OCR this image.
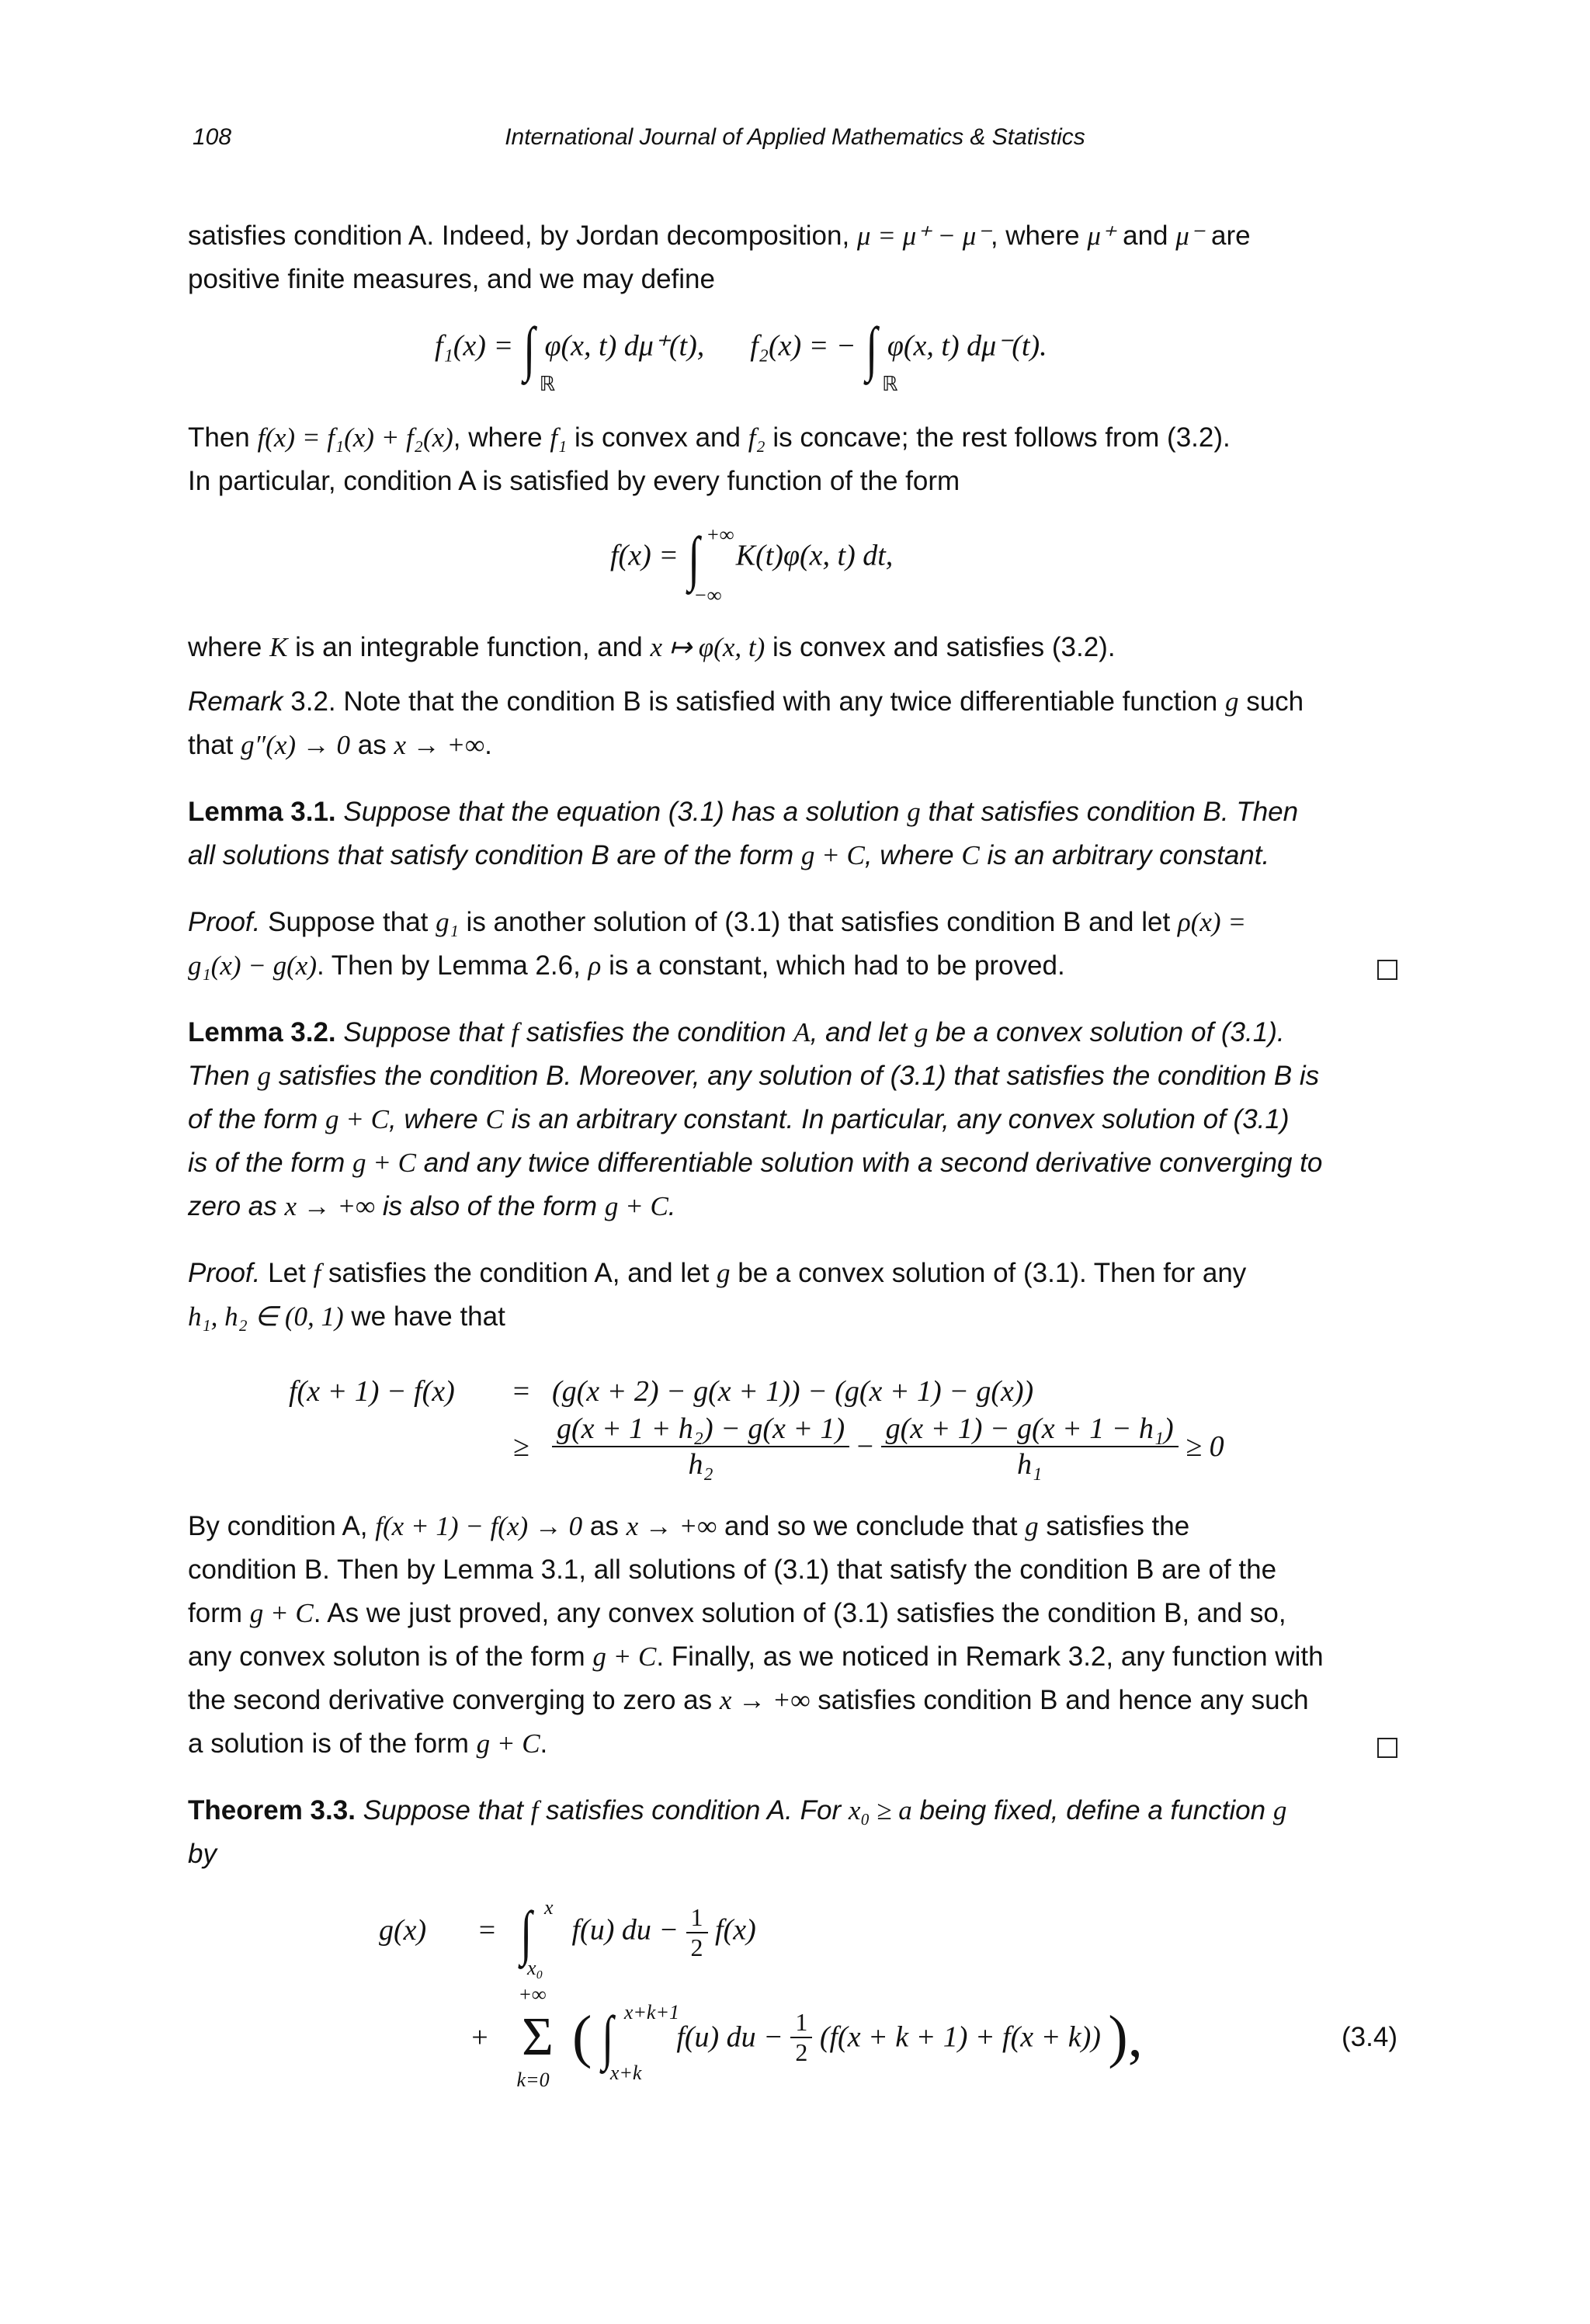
108	International Journal of Applied Mathematics & Statistics
satisfies condition A. Indeed, by Jordan decomposition, μ = μ⁺ − μ⁻, where μ⁺ and μ⁻ are
positive finite measures, and we may define
f₁(x) = ∫
ℝ
φ(x, t) dμ⁺(t), f₂(x) = − ∫
ℝ
φ(x, t) dμ⁻(t).
Then f(x) = f₁(x) + f₂(x), where f₁ is convex and f₂ is concave; the rest follows from (3.2).
In particular, condition A is satisfied by every function of the form
f(x) = ∫ +∞
−∞
K(t)φ(x, t) dt,
where K is an integrable function, and x ↦ φ(x, t) is convex and satisfies (3.2).
Remark 3.2. Note that the condition B is satisfied with any twice differentiable function g such
that g″(x) → 0 as x → +∞.
Lemma 3.1. Suppose that the equation (3.1) has a solution g that satisfies condition B. Then
all solutions that satisfy condition B are of the form g + C, where C is an arbitrary constant.
Proof. Suppose that g₁ is another solution of (3.1) that satisfies condition B and let ρ(x) =
g₁(x) − g(x). Then by Lemma 2.6, ρ is a constant, which had to be proved.
Lemma 3.2. Suppose that f satisfies the condition A, and let g be a convex solution of (3.1).
Then g satisfies the condition B. Moreover, any solution of (3.1) that satisfies the condition B is
of the form g + C, where C is an arbitrary constant. In particular, any convex solution of (3.1)
is of the form g + C and any twice differentiable solution with a second derivative converging to
zero as x → +∞ is also of the form g + C.
Proof. Let f satisfies the condition A, and let g be a convex solution of (3.1). Then for any
h₁, h₂ ∈ (0, 1) we have that
f(x + 1) − f(x) = (g(x + 2) − g(x + 1)) − (g(x + 1) − g(x))
≥ $\frac{\text{g(x + 1 + h₂) − g(x + 1)}}{\text{h₂}} - \frac{\text{g(x + 1) − g(x + 1 − h₁)}}{\text{h₁}} \ge 0$
By condition A, f(x + 1) − f(x) → 0 as x → +∞ and so we conclude that g satisfies the
condition B. Then by Lemma 3.1, all solutions of (3.1) that satisfy the condition B are of the
form g + C. As we just proved, any convex solution of (3.1) satisfies the condition B, and so,
any convex soluton is of the form g + C. Finally, as we noticed in Remark 3.2, any function with
the second derivative converging to zero as x → +∞ satisfies condition B and hence any such
a solution is of the form g + C.
Theorem 3.3. Suppose that f satisfies condition A. For x₀ ≥ a being fixed, define a function g
by
g(x) = ∫ x
x₀
f(u) du − $\frac{1}{2} f(x)$
+
+∞
Σ
k=0
( ∫ x+k+1
x+k
f(u) du − $\frac{1}{2} (f(x + k + 1) + f(x + k))$ ),	(3.4)
